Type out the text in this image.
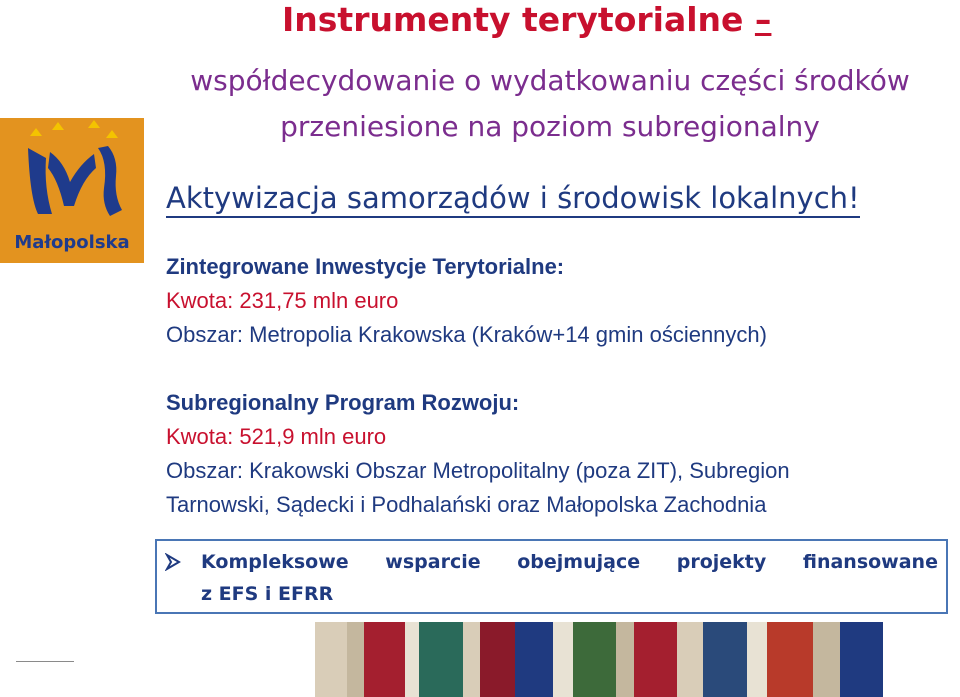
Instrumenty terytorialne –
współdecydowanie o wydatkowaniu części środków przeniesione na poziom subregionalny
Małopolska
Aktywizacja samorządów i środowisk lokalnych!
Zintegrowane Inwestycje Terytorialne:
Kwota: 231,75 mln euro
Obszar: Metropolia Krakowska (Kraków+14 gmin ościennych)
Subregionalny Program Rozwoju:
Kwota: 521,9 mln euro
Obszar: Krakowski Obszar Metropolitalny (poza ZIT), Subregion
Tarnowski, Sądecki i Podhalański oraz Małopolska Zachodnia
Kompleksowe wsparcie obejmujące projekty finansowane
z EFS i EFRR
